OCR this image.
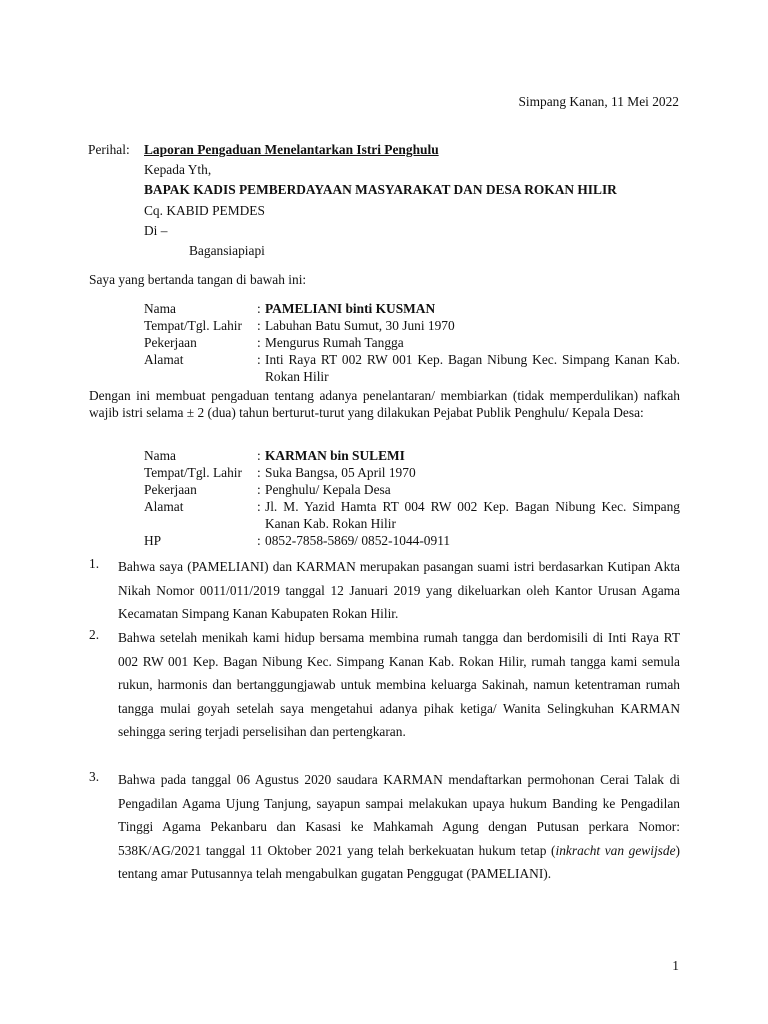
Simpang Kanan, 11 Mei 2022
Perihal: Laporan Pengaduan Menelantarkan Istri Penghulu
Kepada Yth,
BAPAK KADIS PEMBERDAYAAN MASYARAKAT DAN DESA ROKAN HILIR
Cq. KABID PEMDES
Di –
Bagansiapiapi
Saya yang bertanda tangan di bawah ini:
Nama	: PAMELIANI binti KUSMAN
Tempat/Tgl. Lahir	: Labuhan Batu Sumut, 30 Juni 1970
Pekerjaan	: Mengurus Rumah Tangga
Alamat	: Inti Raya RT 002 RW 001 Kep. Bagan Nibung Kec. Simpang Kanan Kab. Rokan Hilir
Dengan ini membuat pengaduan tentang adanya penelantaran/ membiarkan (tidak memperdulikan) nafkah wajib istri selama ± 2 (dua) tahun berturut-turut yang dilakukan Pejabat Publik Penghulu/ Kepala Desa:
Nama	: KARMAN bin SULEMI
Tempat/Tgl. Lahir	: Suka Bangsa, 05 April 1970
Pekerjaan	: Penghulu/ Kepala Desa
Alamat	: Jl. M. Yazid Hamta RT 004 RW 002 Kep. Bagan Nibung Kec. Simpang Kanan Kab. Rokan Hilir
HP	: 0852-7858-5869/ 0852-1044-0911
1.	Bahwa saya (PAMELIANI) dan KARMAN merupakan pasangan suami istri berdasarkan Kutipan Akta Nikah Nomor 0011/011/2019 tanggal 12 Januari 2019 yang dikeluarkan oleh Kantor Urusan Agama Kecamatan Simpang Kanan Kabupaten Rokan Hilir.
2.	Bahwa setelah menikah kami hidup bersama membina rumah tangga dan berdomisili di Inti Raya RT 002 RW 001 Kep. Bagan Nibung Kec. Simpang Kanan Kab. Rokan Hilir, rumah tangga kami semula rukun, harmonis dan bertanggungjawab untuk membina keluarga Sakinah, namun ketentraman rumah tangga mulai goyah setelah saya mengetahui adanya pihak ketiga/ Wanita Selingkuhan KARMAN sehingga sering terjadi perselisihan dan pertengkaran.
3.	Bahwa pada tanggal 06 Agustus 2020 saudara KARMAN mendaftarkan permohonan Cerai Talak di Pengadilan Agama Ujung Tanjung, sayapun sampai melakukan upaya hukum Banding ke Pengadilan Tinggi Agama Pekanbaru dan Kasasi ke Mahkamah Agung dengan Putusan perkara Nomor: 538K/AG/2021 tanggal 11 Oktober 2021 yang telah berkekuatan hukum tetap (inkracht van gewijsde) tentang amar Putusannya telah mengabulkan gugatan Penggugat (PAMELIANI).
1
